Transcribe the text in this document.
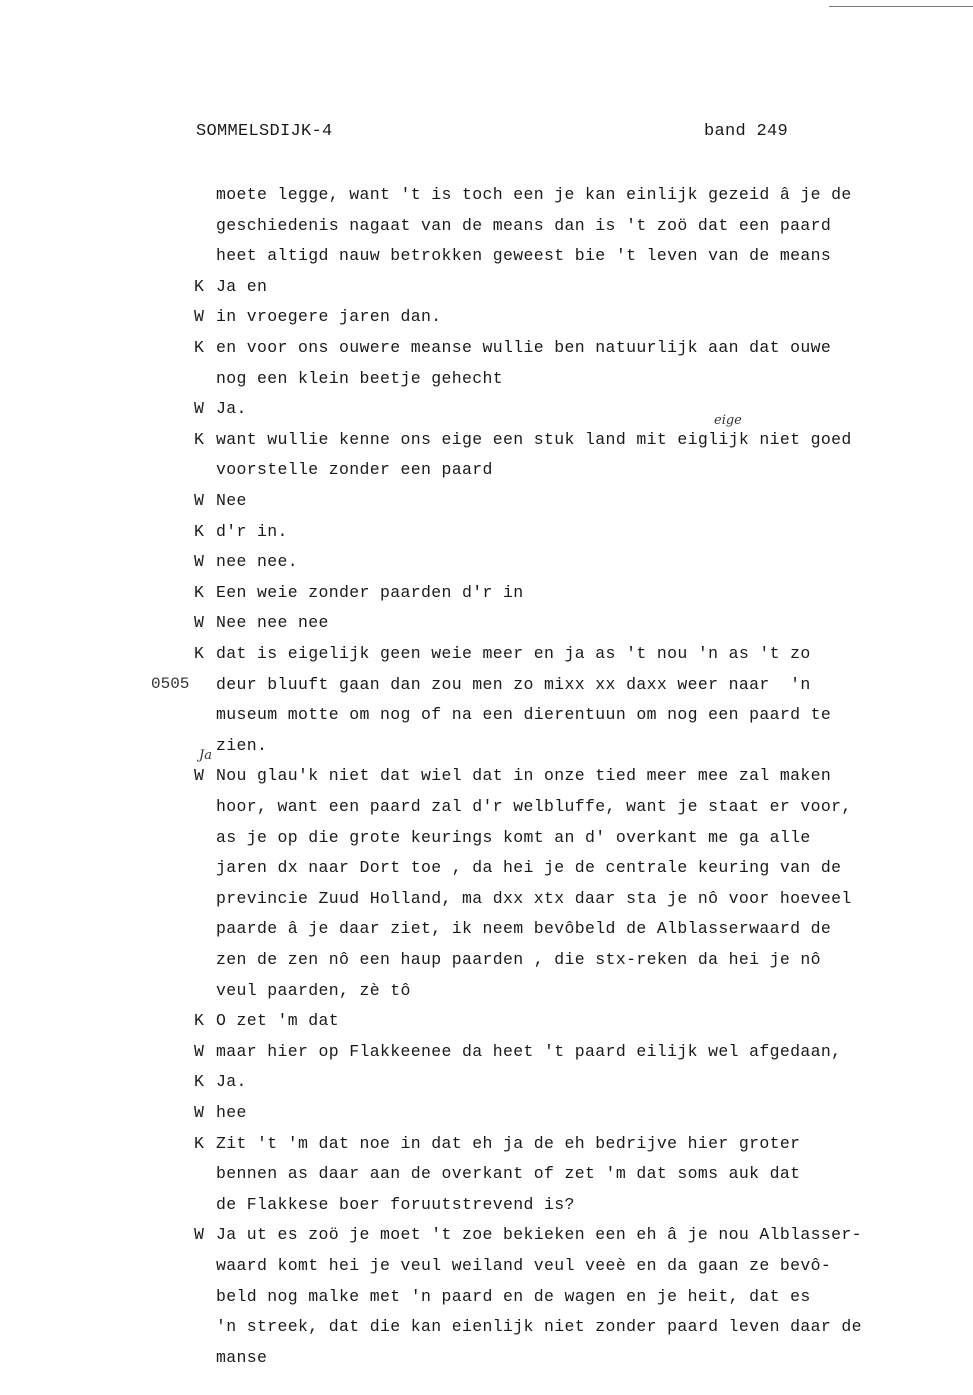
SOMMELSDIJK-4	band 249
moete legge, want 't is toch een je kan einlijk gezeid â je de
geschiedenis nagaat van de means dan is 't zoö dat een paard
heet altigd nauw betrokken geweest bie 't leven van de means
K Ja en
W in vroegere jaren dan.
K en voor ons ouwere meanse wullie ben natuurlijk aan dat ouwe
nog een klein beetje gehecht
W Ja.
K want wullie kenne ons eige een stuk land mit eiglijk niet goed
voorstelle zonder een paard
W Nee
K d'r in.
W nee nee.
K Een weie zonder paarden d'r in
W Nee nee nee
K dat is eigelijk geen weie meer en ja as 't nou 'n as 't zo
deur bluuft gaan dan zou men zo mixx xx daxx weer naar  'n
museum motte om nog of na een dierentuun om nog een paard te
zien.
W Nou glau'k niet dat wiel dat in onze tied meer mee zal maken
hoor, want een paard zal d'r welbluffe, want je staat er voor,
as je op die grote keurings komt an d' overkant me ga alle
jaren dx naar Dort toe , da hei je de centrale keuring van de
previncie Zuud Holland, ma dxx xtx daar sta je nô voor hoeveel
paarde â je daar ziet, ik neem bevôbeld de Alblasserwaard de
zen de zen nô een haup paarden , die stx-reken da hei je nô
veul paarden, zè tô
K O zet 'm dat
W maar hier op Flakkeenee da heet 't paard eilijk wel afgedaan,
K Ja.
W hee
K Zit 't 'm dat noe in dat eh ja de eh bedrijve hier groter
bennen as daar aan de overkant of zet 'm dat soms auk dat
de Flakkese boer foruutstrevend is?
W Ja ut es zoö je moet 't zoe bekieken een eh â je nou Alblasser-
waard komt hei je veul weiland veul veeè en da gaan ze bevô-
beld nog malke met 'n paard en de wagen en je heit, dat es
'n streek, dat die kan eienlijk niet zonder paard leven daar de
manse
0505
eige
Ja
